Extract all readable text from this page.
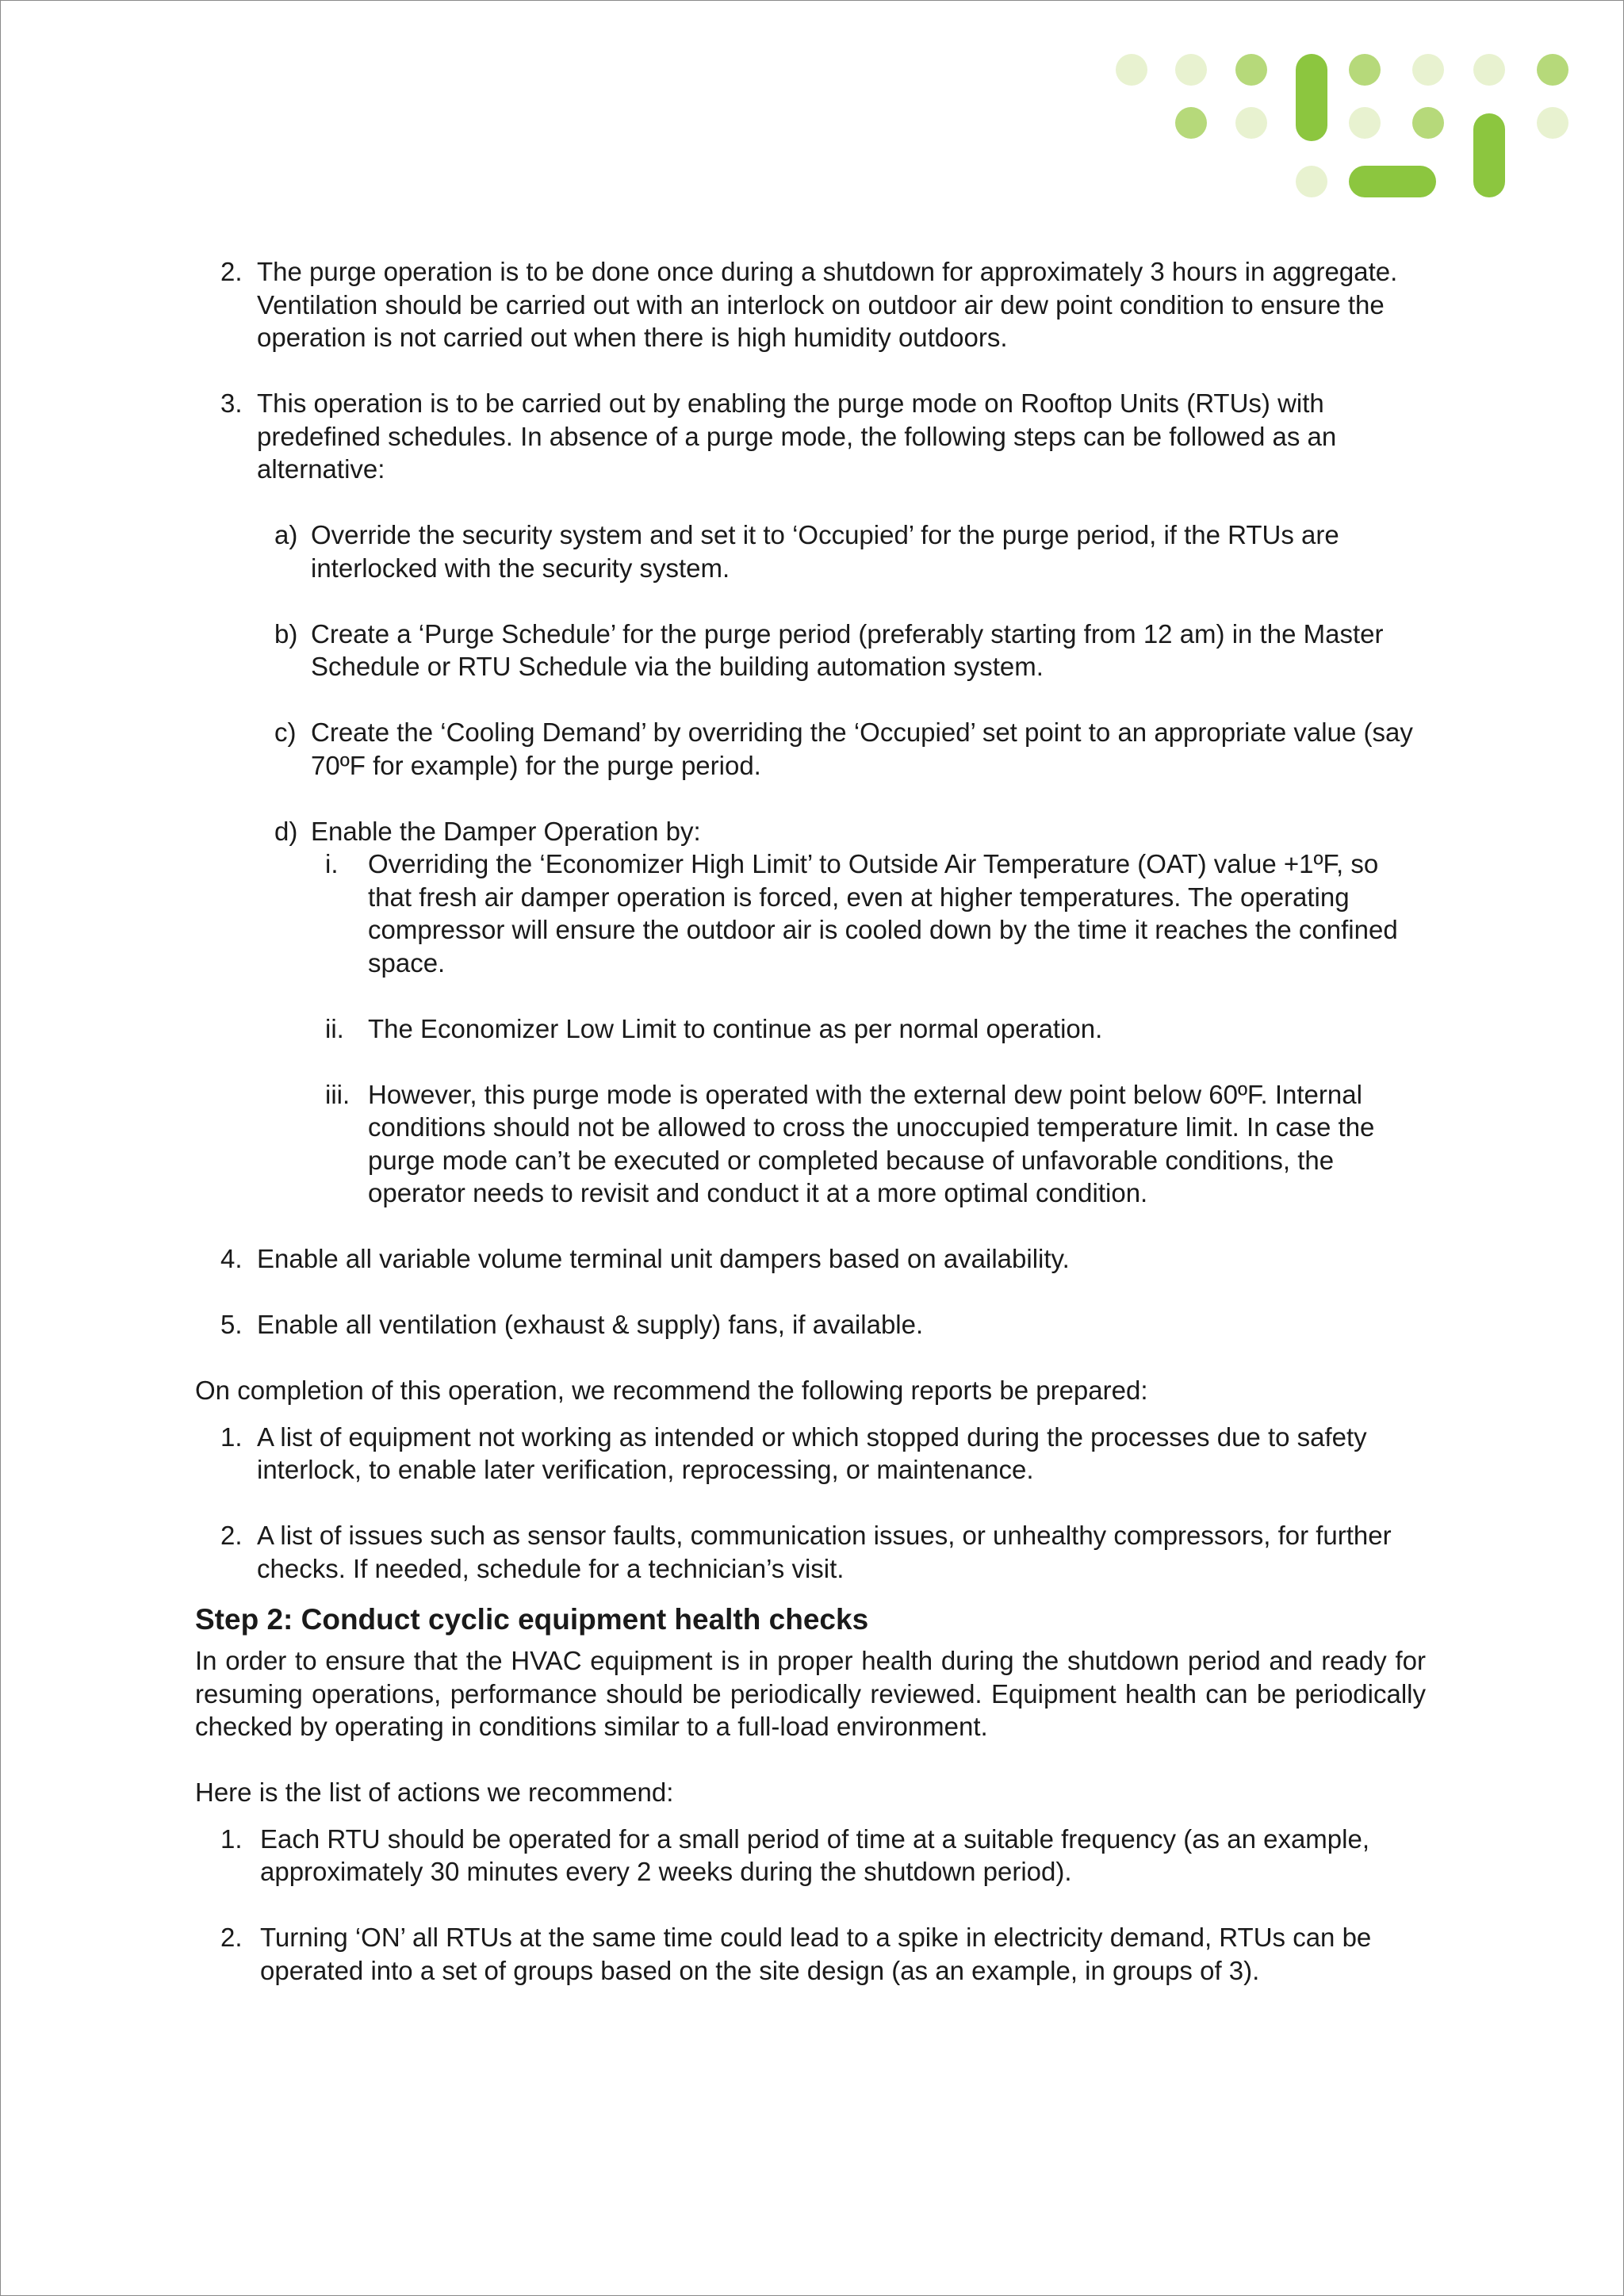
2. The purge operation is to be done once during a shutdown for approximately 3 hours in aggregate. Ventilation should be carried out with an interlock on outdoor air dew point condition to ensure the operation is not carried out when there is high humidity outdoors.

3. This operation is to be carried out by enabling the purge mode on Rooftop Units (RTUs) with predefined schedules. In absence of a purge mode, the following steps can be followed as an alternative:

a) Override the security system and set it to ‘Occupied’ for the purge period, if the RTUs are interlocked with the security system.

b) Create a ‘Purge Schedule’ for the purge period (preferably starting from 12 am) in the Master Schedule or RTU Schedule via the building automation system.

c) Create the ‘Cooling Demand’ by overriding the ‘Occupied’ set point to an appropriate value (say 70ºF for example) for the purge period.

d) Enable the Damper Operation by:

i. Overriding the ‘Economizer High Limit’ to Outside Air Temperature (OAT) value +1ºF, so that fresh air damper operation is forced, even at higher temperatures. The operating compressor will ensure the outdoor air is cooled down by the time it reaches the confined space.

ii. The Economizer Low Limit to continue as per normal operation.

iii. However, this purge mode is operated with the external dew point below 60ºF. Internal conditions should not be allowed to cross the unoccupied temperature limit. In case the purge mode can’t be executed or completed because of unfavorable conditions, the operator needs to revisit and conduct it at a more optimal condition.

4. Enable all variable volume terminal unit dampers based on availability.

5. Enable all ventilation (exhaust & supply) fans, if available.

On completion of this operation, we recommend the following reports be prepared:

1. A list of equipment not working as intended or which stopped during the processes due to safety interlock, to enable later verification, reprocessing, or maintenance.

2. A list of issues such as sensor faults, communication issues, or unhealthy compressors, for further checks. If needed, schedule for a technician’s visit.

Step 2: Conduct cyclic equipment health checks

In order to ensure that the HVAC equipment is in proper health during the shutdown period and ready for resuming operations, performance should be periodically reviewed. Equipment health can be periodically checked by operating in conditions similar to a full-load environment.

Here is the list of actions we recommend:

1. Each RTU should be operated for a small period of time at a suitable frequency (as an example, approximately 30 minutes every 2 weeks during the shutdown period).

2. Turning ‘ON’ all RTUs at the same time could lead to a spike in electricity demand, RTUs can be operated into a set of groups based on the site design (as an example, in groups of 3).
